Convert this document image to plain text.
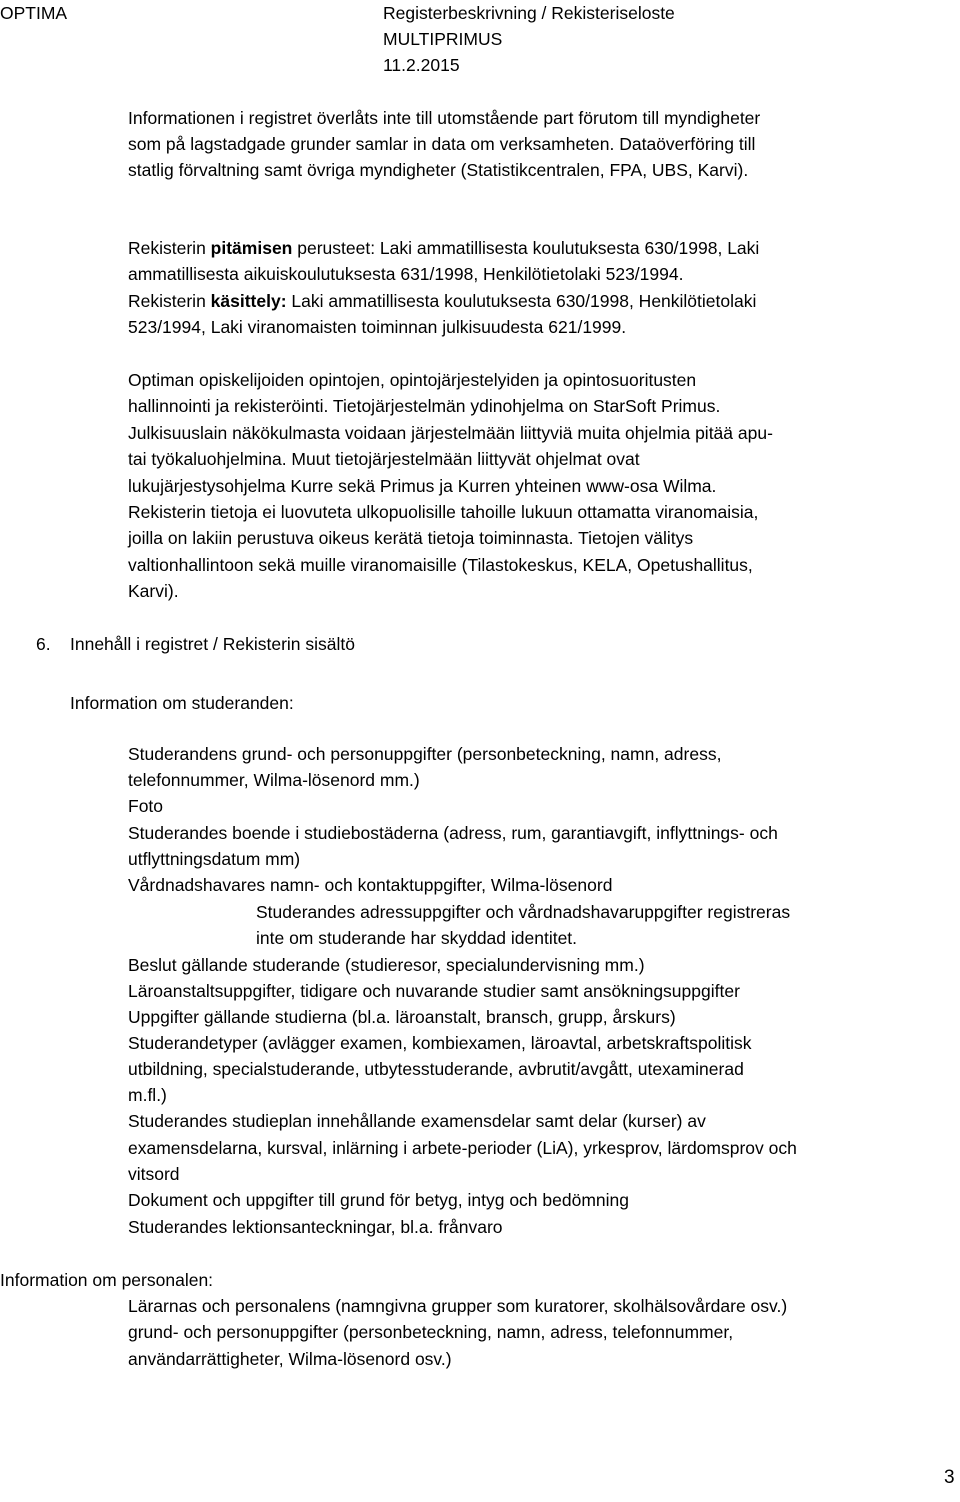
OPTIMA	Registerbeskrivning / Rekisteriseloste
MULTIPRIMUS
11.2.2015
Informationen i registret överlåts inte till utomstående part förutom till myndigheter
som på lagstadgade grunder samlar in data om verksamheten. Dataöverföring till
statlig förvaltning samt övriga myndigheter (Statistikcentralen, FPA, UBS, Karvi).
Rekisterin pitämisen perusteet: Laki ammatillisesta koulutuksesta 630/1998, Laki
ammatillisesta aikuiskoulutuksesta 631/1998, Henkilötietolaki 523/1994.
Rekisterin käsittely: Laki ammatillisesta koulutuksesta 630/1998, Henkilötietolaki
523/1994, Laki viranomaisten toiminnan julkisuudesta 621/1999.
Optiman opiskelijoiden opintojen, opintojärjestelyiden ja opintosuoritusten
hallinnointi ja rekisteröinti. Tietojärjestelmän ydinohjelma on StarSoft Primus.
Julkisuuslain näkökulmasta voidaan järjestelmään liittyviä muita ohjelmia pitää apu-
tai työkaluohjelmina. Muut tietojärjestelmään liittyvät ohjelmat ovat
lukujärjestysohjelma Kurre sekä Primus ja Kurren yhteinen www-osa Wilma.
Rekisterin tietoja ei luovuteta ulkopuolisille tahoille lukuun ottamatta viranomaisia,
joilla on lakiin perustuva oikeus kerätä tietoja toiminnasta. Tietojen välitys
valtionhallintoon sekä muille viranomaisille (Tilastokeskus, KELA, Opetushallitus,
Karvi).
6. Innehåll i registret / Rekisterin sisältö
Information om studeranden:
Studerandens grund- och personuppgifter (personbeteckning, namn, adress,
telefonnummer, Wilma-lösenord mm.)
Foto
Studerandes boende i studiebostäderna (adress, rum, garantiavgift, inflyttnings- och
utflyttningsdatum mm)
Vårdnadshavares namn- och kontaktuppgifter, Wilma-lösenord
Studerandes adressuppgifter och vårdnadshavaruppgifter registreras
inte om studerande har skyddad identitet.
Beslut gällande studerande (studieresor, specialundervisning mm.)
Läroanstaltsuppgifter, tidigare och nuvarande studier samt ansökningsuppgifter
Uppgifter gällande studierna (bl.a. läroanstalt, bransch, grupp, årskurs)
Studerandetyper (avlägger examen, kombiexamen, läroavtal, arbetskraftspolitisk
utbildning, specialstuderande, utbytesstuderande, avbrutit/avgått, utexaminerad
m.fl.)
Studerandes studieplan innehållande examensdelar samt delar (kurser) av
examensdelarna, kursval, inlärning i arbete-perioder (LiA), yrkesprov, lärdomsprov och
vitsord
Dokument och uppgifter till grund för betyg, intyg och bedömning
Studerandes lektionsanteckningar, bl.a. frånvaro
Information om personalen:
Lärarnas och personalens (namngivna grupper som kuratorer, skolhälsovårdare osv.)
grund- och personuppgifter (personbeteckning, namn, adress, telefonnummer,
användarrättigheter, Wilma-lösenord osv.)
3
